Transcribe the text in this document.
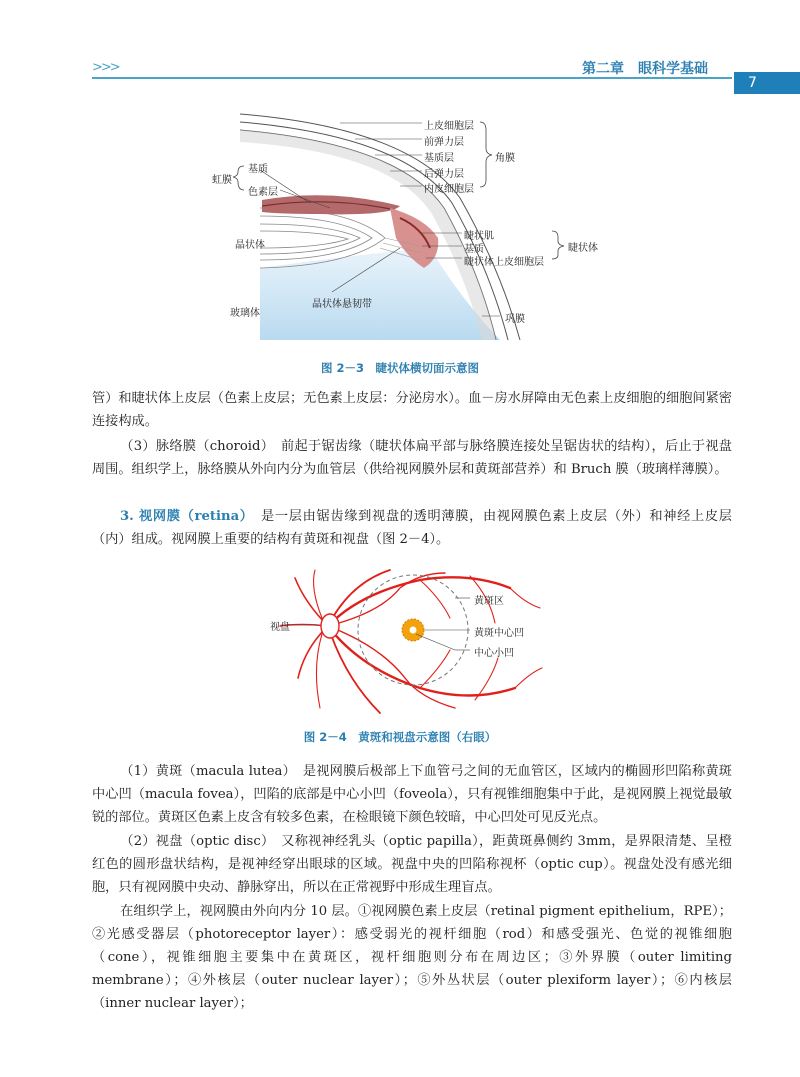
>>>	第二章　眼科学基础
7
上皮细胞层
前弹力层
基质层
后弹力层
内皮细胞层
角膜
虹膜
基质
色素层
晶状体
睫状肌
基质
睫状体上皮细胞层
睫状体
玻璃体
晶状体悬韧带
巩膜
图 2－3　睫状体横切面示意图
管）和睫状体上皮层（色素上皮层；无色素上皮层：分泌房水）。血－房水屏障由无色素上皮细胞的细胞间紧密连接构成。
（3）脉络膜（choroid）　前起于锯齿缘（睫状体扁平部与脉络膜连接处呈锯齿状的结构），后止于视盘周围。组织学上，脉络膜从外向内分为血管层（供给视网膜外层和黄斑部营养）和 Bruch 膜（玻璃样薄膜）。
3. 视网膜（retina）　是一层由锯齿缘到视盘的透明薄膜，由视网膜色素上皮层（外）和神经上皮层（内）组成。视网膜上重要的结构有黄斑和视盘（图 2－4）。
视盘
黄斑区
黄斑中心凹
中心小凹
图 2－4　黄斑和视盘示意图（右眼）
（1）黄斑（macula lutea）　是视网膜后极部上下血管弓之间的无血管区，区域内的椭圆形凹陷称黄斑中心凹（macula fovea），凹陷的底部是中心小凹（foveola），只有视锥细胞集中于此，是视网膜上视觉最敏锐的部位。黄斑区色素上皮含有较多色素，在检眼镜下颜色较暗，中心凹处可见反光点。
（2）视盘（optic disc）　又称视神经乳头（optic papilla），距黄斑鼻侧约 3mm，是界限清楚、呈橙红色的圆形盘状结构，是视神经穿出眼球的区域。视盘中央的凹陷称视杯（optic cup）。视盘处没有感光细胞，只有视网膜中央动、静脉穿出，所以在正常视野中形成生理盲点。
在组织学上，视网膜由外向内分 10 层。①视网膜色素上皮层（retinal pigment epithelium，RPE）；②光感受器层（photoreceptor layer）：感受弱光的视杆细胞（rod）和感受强光、色觉的视锥细胞（cone），视锥细胞主要集中在黄斑区，视杆细胞则分布在周边区；③外界膜（outer limiting membrane）；④外核层（outer nuclear layer）；⑤外丛状层（outer plexiform layer）；⑥内核层（inner nuclear layer）；
